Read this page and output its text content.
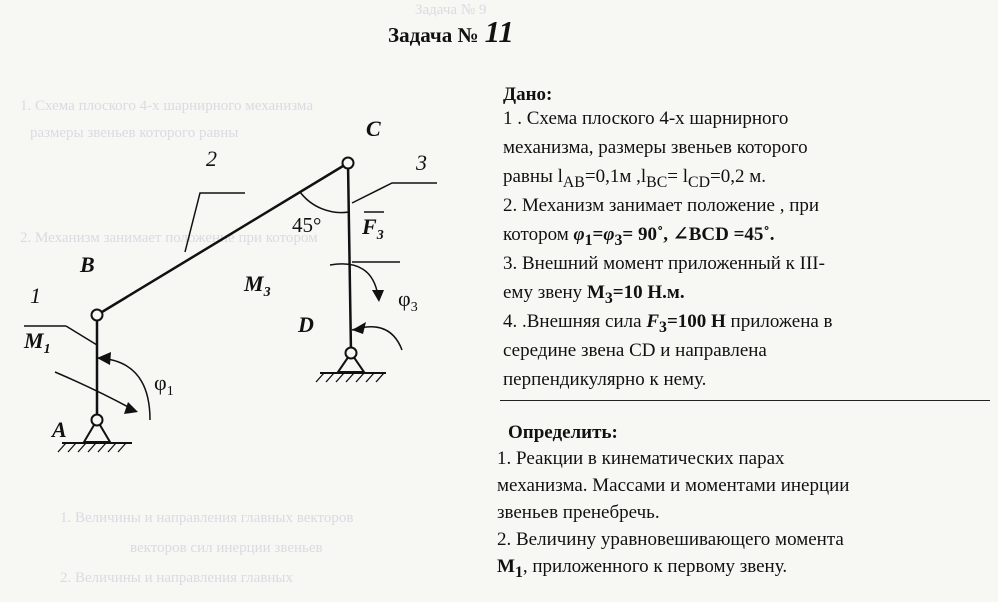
Задача № 9
1. Схема плоского 4-х шарнирного механизма
размеры звеньев которого равны
2. Механизм занимает положение при котором
1. Величины и направления главных векторов
векторов сил инерции звеньев
2. Величины и направления главных
Задача № 11
Дано:
1 . Схема плоского 4-х шарнирного
механизма, размеры звеньев которого
равны $l_{AB}=0,1м$ $,l_{BC}= l_{CD}=0,2$ м.
2. Механизм занимает положение , при
котором $\varphi_1=\varphi_3=$ 90˚, ∠BCD =45˚.
3. Внешний момент приложенный к III-
ему звену $M_3=10$ Н.м.
4. .Внешняя сила $F_3=100$ Н приложена в
середине звена CD и направлена
перпендикулярно к нему.
Определить:
1. Реакции в кинематических парах
механизма. Массами и моментами инерции
звеньев пренебречь.
2. Величину уравновешивающего момента
$M_1$, приложенного к первому звену.
B
C
A
D
1
2	3
45°
$M_1$
$M_3$
$F_3$
$\varphi_1$
$\varphi_3$
